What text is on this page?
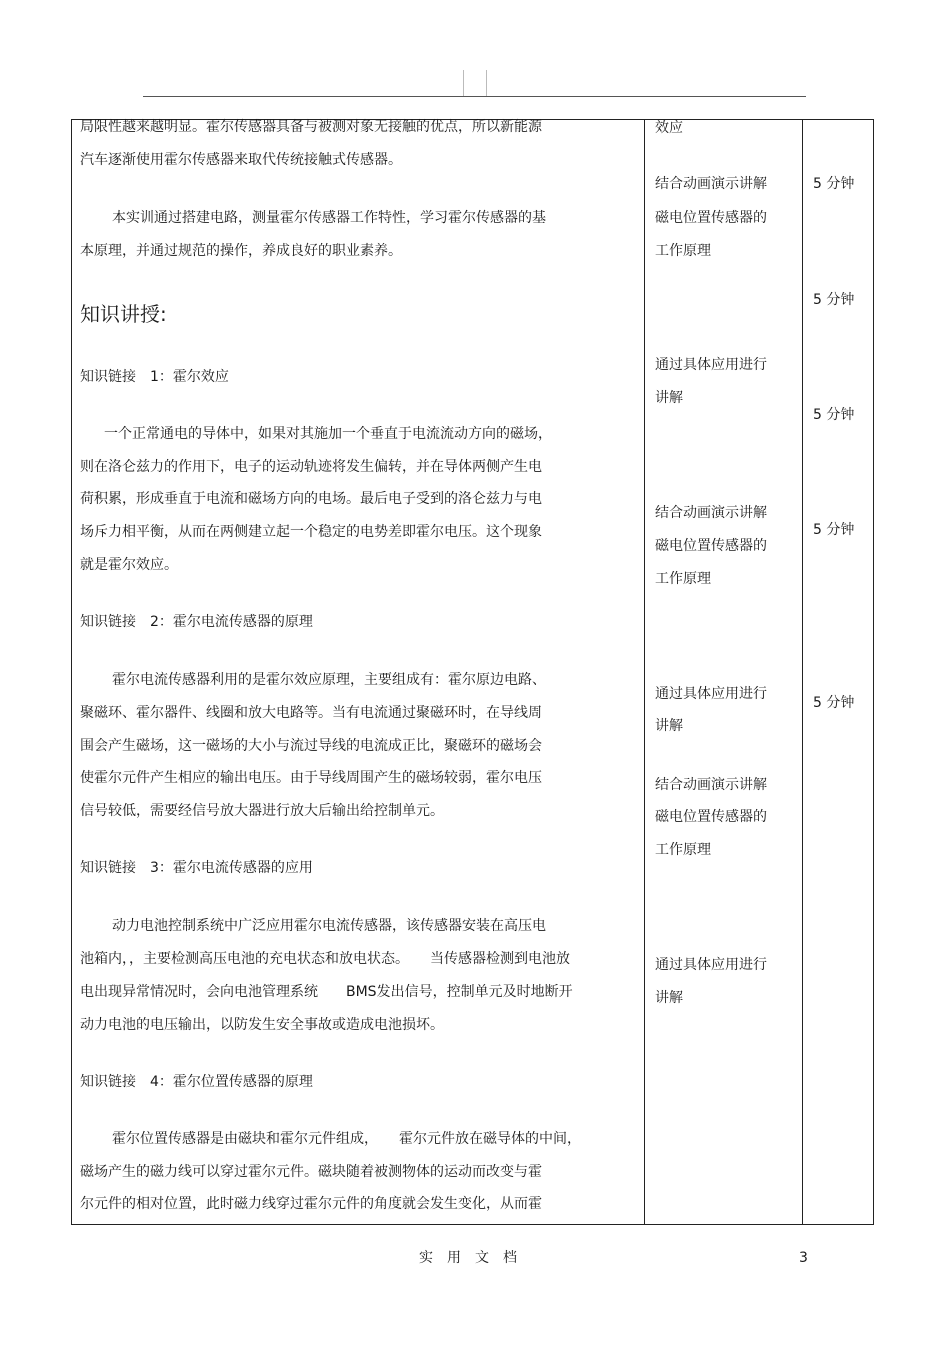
局限性越来越明显。霍尔传感器具备与被测对象无接触的优点，所以新能源
汽车逐渐使用霍尔传感器来取代传统接触式传感器。
本实训通过搭建电路，测量霍尔传感器工作特性，学习霍尔传感器的基
本原理，并通过规范的操作，养成良好的职业素养。
知识讲授:
知识链接　1：霍尔效应
一个正常通电的导体中，如果对其施加一个垂直于电流流动方向的磁场，
则在洛仑兹力的作用下，电子的运动轨迹将发生偏转，并在导体两侧产生电
荷积累，形成垂直于电流和磁场方向的电场。最后电子受到的洛仑兹力与电
场斥力相平衡，从而在两侧建立起一个稳定的电势差即霍尔电压。这个现象
就是霍尔效应。
知识链接　2：霍尔电流传感器的原理
霍尔电流传感器利用的是霍尔效应原理，主要组成有：霍尔原边电路、
聚磁环、霍尔器件、线圈和放大电路等。当有电流通过聚磁环时，在导线周
围会产生磁场，这一磁场的大小与流过导线的电流成正比，聚磁环的磁场会
使霍尔元件产生相应的输出电压。由于导线周围产生的磁场较弱，霍尔电压
信号较低，需要经信号放大器进行放大后输出给控制单元。
知识链接　3：霍尔电流传感器的应用
动力电池控制系统中广泛应用霍尔电流传感器，该传感器安装在高压电
池箱内，，主要检测高压电池的充电状态和放电状态。　　当传感器检测到电池放
电出现异常情况时，会向电池管理系统　　BMS发出信号，控制单元及时地断开
动力电池的电压输出，以防发生安全事故或造成电池损坏。
知识链接　4：霍尔位置传感器的原理
霍尔位置传感器是由磁块和霍尔元件组成，　　霍尔元件放在磁导体的中间，
磁场产生的磁力线可以穿过霍尔元件。磁块随着被测物体的运动而改变与霍
尔元件的相对位置，此时磁力线穿过霍尔元件的角度就会发生变化，从而霍
效应
结合动画演示讲解
磁电位置传感器的
工作原理
通过具体应用进行
讲解
结合动画演示讲解
磁电位置传感器的
工作原理
通过具体应用进行
讲解
结合动画演示讲解
磁电位置传感器的
工作原理
通过具体应用进行
讲解
5 分钟
5 分钟
5 分钟
5 分钟
5 分钟
实　用　文　档	3
